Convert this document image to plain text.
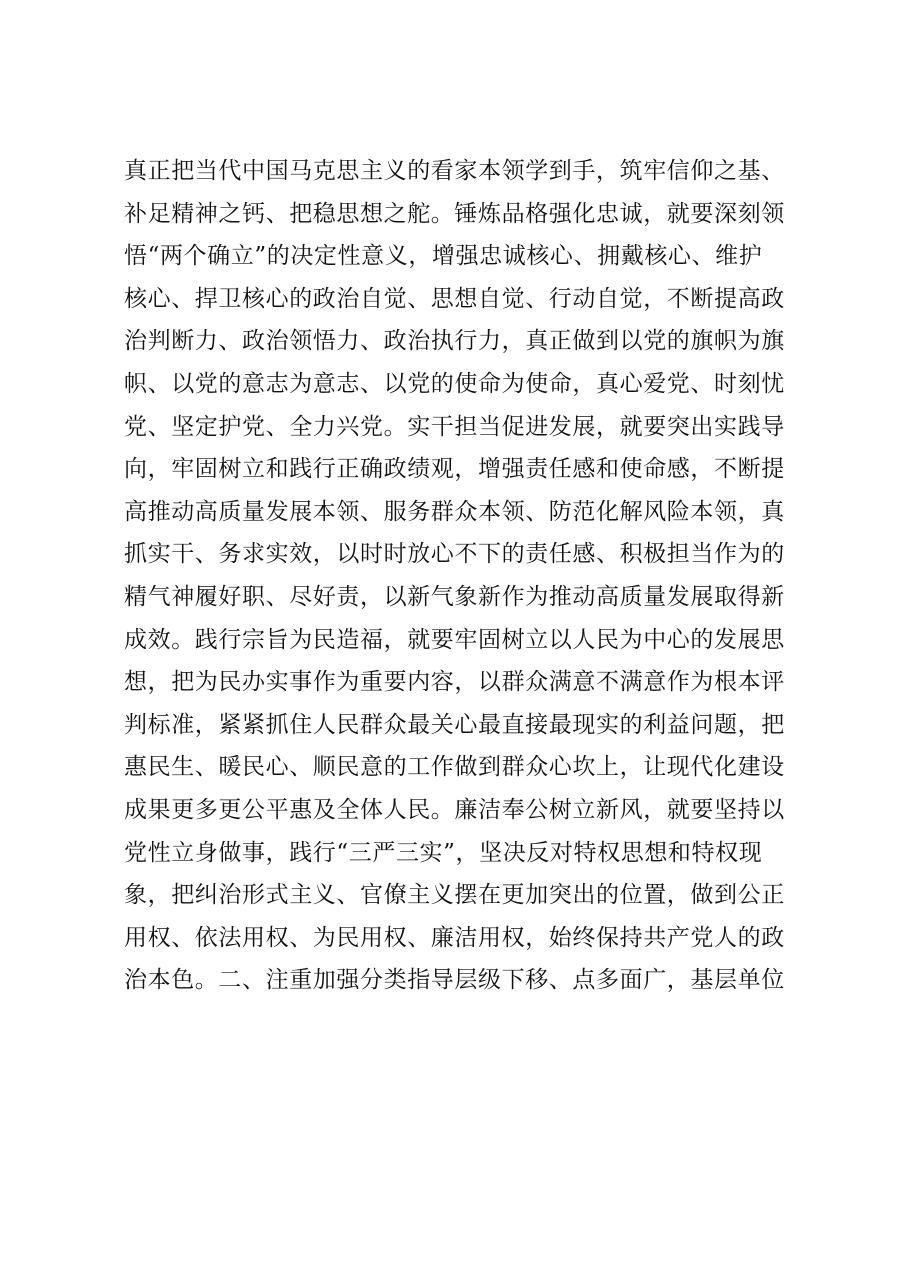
真正把当代中国马克思主义的看家本领学到手，筑牢信仰之基、
补足精神之钙、把稳思想之舵。锤炼品格强化忠诚，就要深刻领
悟“两个确立”的决定性意义，增强忠诚核心、拥戴核心、维护
核心、捍卫核心的政治自觉、思想自觉、行动自觉，不断提高政
治判断力、政治领悟力、政治执行力，真正做到以党的旗帜为旗
帜、以党的意志为意志、以党的使命为使命，真心爱党、时刻忧
党、坚定护党、全力兴党。实干担当促进发展，就要突出实践导
向，牢固树立和践行正确政绩观，增强责任感和使命感，不断提
高推动高质量发展本领、服务群众本领、防范化解风险本领，真
抓实干、务求实效，以时时放心不下的责任感、积极担当作为的
精气神履好职、尽好责，以新气象新作为推动高质量发展取得新
成效。践行宗旨为民造福，就要牢固树立以人民为中心的发展思
想，把为民办实事作为重要内容，以群众满意不满意作为根本评
判标准，紧紧抓住人民群众最关心最直接最现实的利益问题，把
惠民生、暖民心、顺民意的工作做到群众心坎上，让现代化建设
成果更多更公平惠及全体人民。廉洁奉公树立新风，就要坚持以
党性立身做事，践行“三严三实”，坚决反对特权思想和特权现
象，把纠治形式主义、官僚主义摆在更加突出的位置，做到公正
用权、依法用权、为民用权、廉洁用权，始终保持共产党人的政
治本色。二、注重加强分类指导层级下移、点多面广，基层单位
